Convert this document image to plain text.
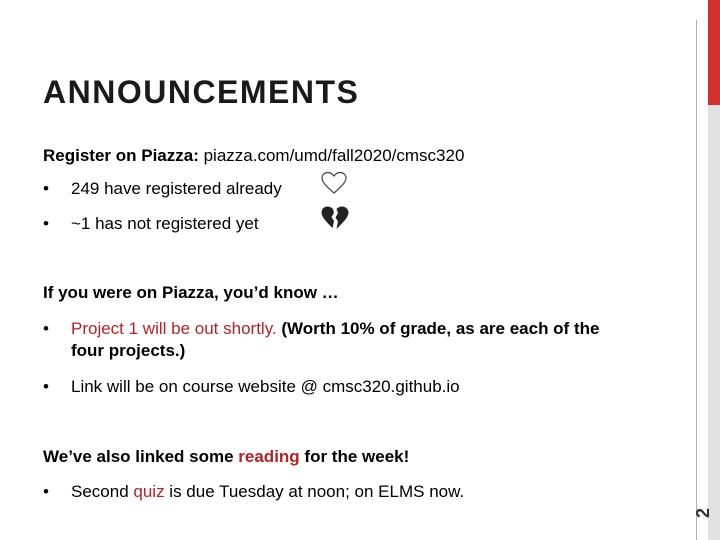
ANNOUNCEMENTS
Register on Piazza: piazza.com/umd/fall2020/cmsc320
•	249 have registered already
•	~1 has not registered yet
If you were on Piazza, you’d know …
•	Project 1 will be out shortly. (Worth 10% of grade, as are each of the four projects.)
•	Link will be on course website @ cmsc320.github.io
We’ve also linked some reading for the week!
•	Second quiz is due Tuesday at noon; on ELMS now.
2
